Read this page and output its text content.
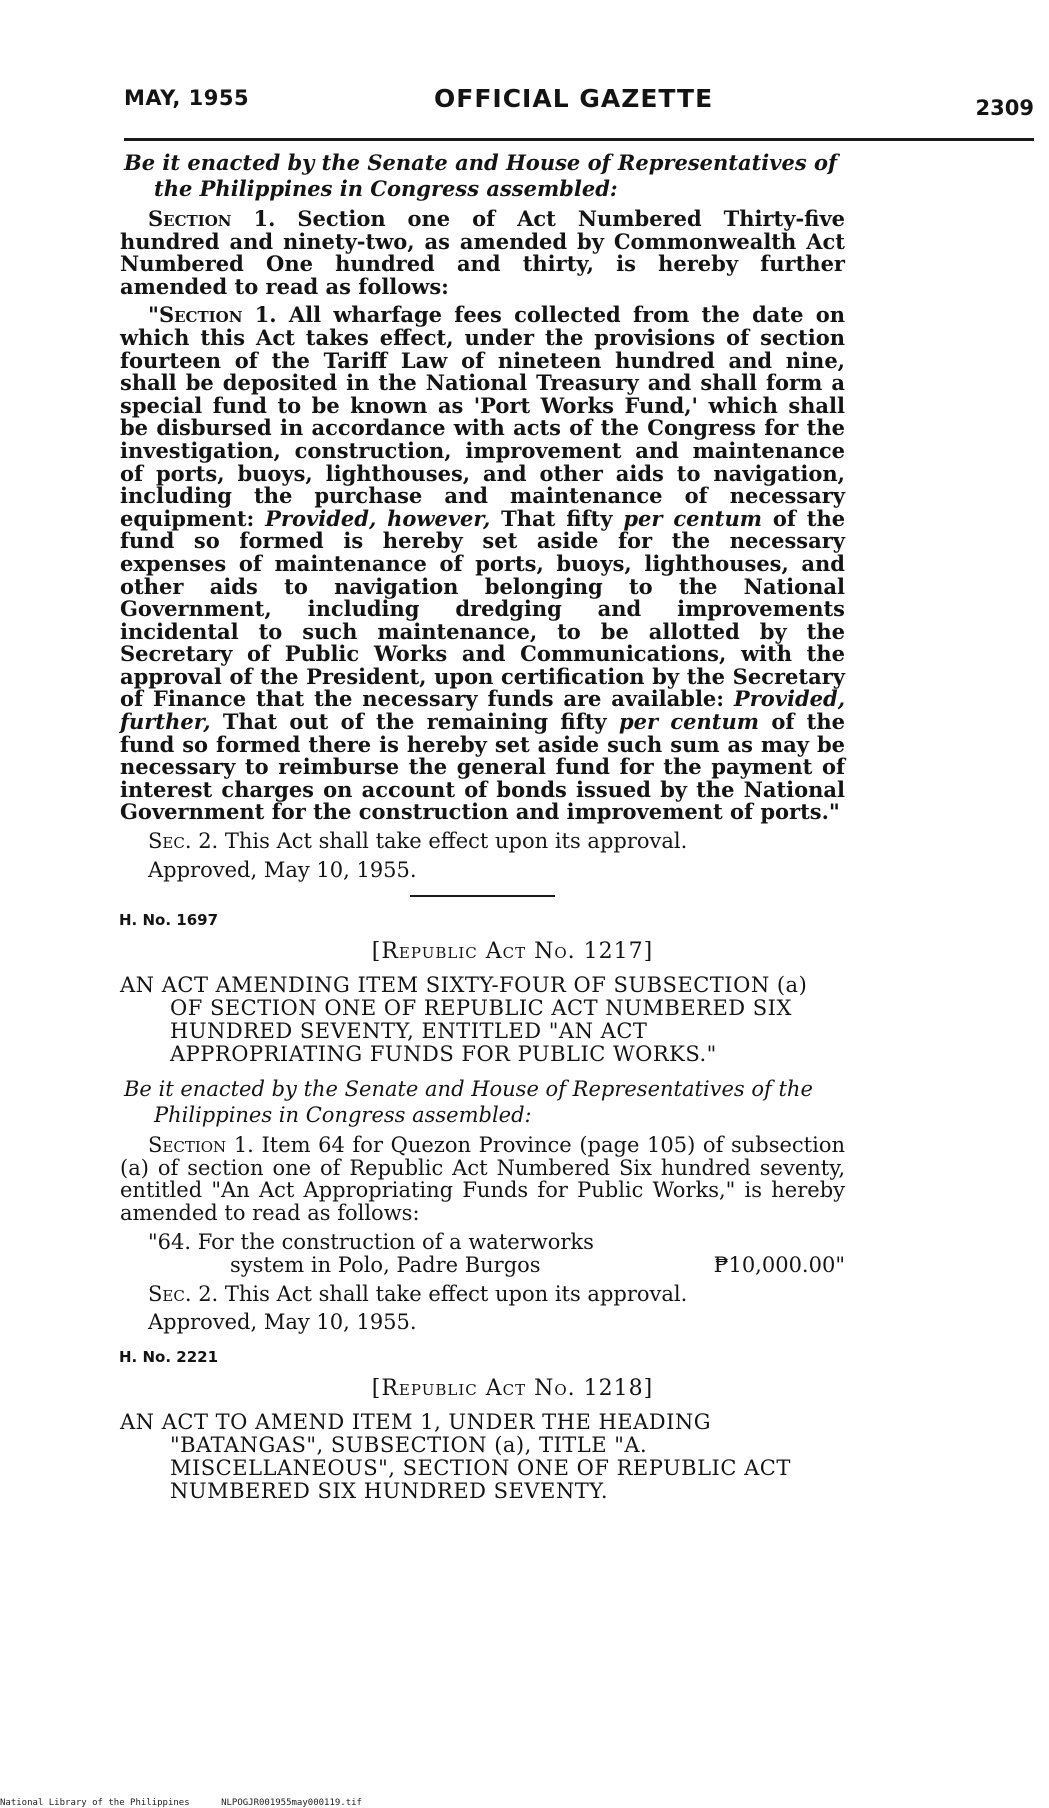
MAY, 1955	OFFICIAL GAZETTE	2309
Be it enacted by the Senate and House of Representatives of the Philippines in Congress assembled:

Section 1. Section one of Act Numbered Thirty-five hundred and ninety-two, as amended by Commonwealth Act Numbered One hundred and thirty, is hereby further amended to read as follows:

"Section 1. All wharfage fees collected from the date on which this Act takes effect, under the provisions of section fourteen of the Tariff Law of nineteen hundred and nine, shall be deposited in the National Treasury and shall form a special fund to be known as 'Port Works Fund,' which shall be disbursed in accordance with acts of the Congress for the investigation, construction, improvement and maintenance of ports, buoys, lighthouses, and other aids to navigation, including the purchase and maintenance of necessary equipment: Provided, however, That fifty per centum of the fund so formed is hereby set aside for the necessary expenses of maintenance of ports, buoys, lighthouses, and other aids to navigation belonging to the National Government, including dredging and improvements incidental to such maintenance, to be allotted by the Secretary of Public Works and Communications, with the approval of the President, upon certification by the Secretary of Finance that the necessary funds are available: Provided, further, That out of the remaining fifty per centum of the fund so formed there is hereby set aside such sum as may be necessary to reimburse the general fund for the payment of interest charges on account of bonds issued by the National Government for the construction and improvement of ports."

Sec. 2. This Act shall take effect upon its approval.

Approved, May 10, 1955.

H. No. 1697
[Republic Act No. 1217]
AN ACT AMENDING ITEM SIXTY-FOUR OF SUBSECTION (a) OF SECTION ONE OF REPUBLIC ACT NUMBERED SIX HUNDRED SEVENTY, ENTITLED "AN ACT APPROPRIATING FUNDS FOR PUBLIC WORKS."
Be it enacted by the Senate and House of Representatives of the Philippines in Congress assembled:

Section 1. Item 64 for Quezon Province (page 105) of subsection (a) of section one of Republic Act Numbered Six hundred seventy, entitled "An Act Appropriating Funds for Public Works," is hereby amended to read as follows:

"64. For the construction of a waterworks
system in Polo, Padre Burgos	₱10,000.00"

Sec. 2. This Act shall take effect upon its approval.

Approved, May 10, 1955.

H. No. 2221
[Republic Act No. 1218]
AN ACT TO AMEND ITEM 1, UNDER THE HEADING "BATANGAS", SUBSECTION (a), TITLE "A. MISCELLANEOUS", SECTION ONE OF REPUBLIC ACT NUMBERED SIX HUNDRED SEVENTY.
National Library of the Philippines	NLPOGJR001955may000119.tif
